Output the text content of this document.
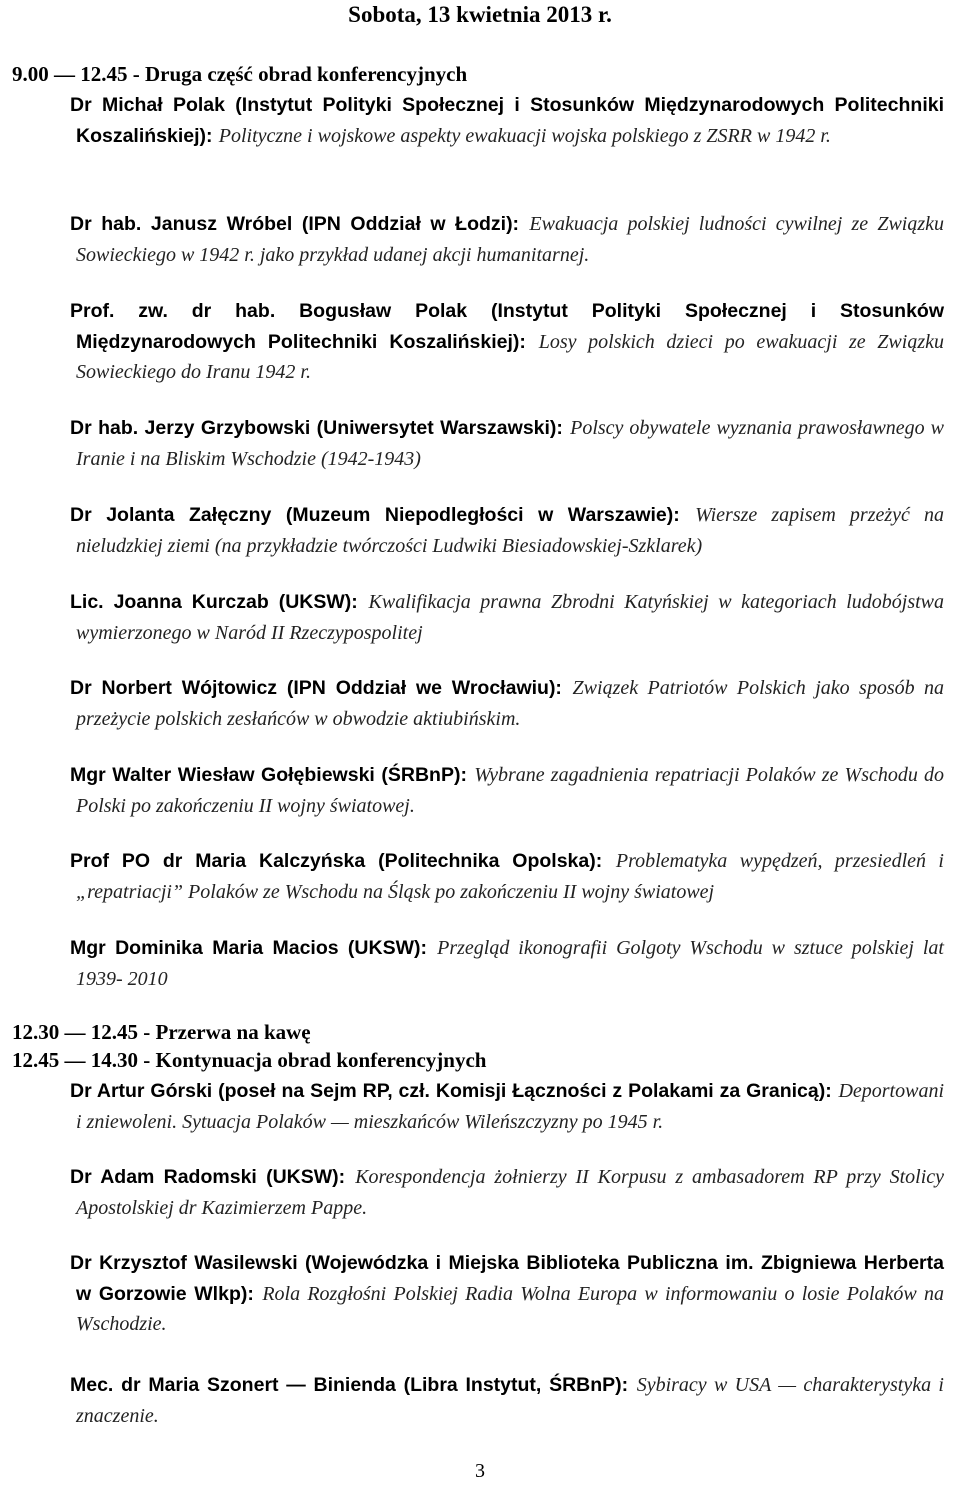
Sobota, 13 kwietnia 2013 r.
9.00 — 12.45 - Druga część obrad konferencyjnych
Dr Michał Polak (Instytut Polityki Społecznej i Stosunków Międzynarodowych Politechniki Koszalińskiej): Polityczne i wojskowe aspekty ewakuacji wojska polskiego z ZSRR w 1942 r.
Dr hab. Janusz Wróbel (IPN Oddział w Łodzi): Ewakuacja polskiej ludności cywilnej ze Związku Sowieckiego w 1942 r. jako przykład udanej akcji humanitarnej.
Prof. zw. dr hab. Bogusław Polak (Instytut Polityki Społecznej i Stosunków Międzynarodowych Politechniki Koszalińskiej): Losy polskich dzieci po ewakuacji ze Związku Sowieckiego do Iranu 1942 r.
Dr hab. Jerzy Grzybowski (Uniwersytet Warszawski): Polscy obywatele wyznania prawosławnego w Iranie i na Bliskim Wschodzie (1942-1943)
Dr Jolanta Załęczny (Muzeum Niepodległości w Warszawie): Wiersze zapisem przeżyć na nieludzkiej ziemi (na przykładzie twórczości Ludwiki Biesiadowskiej-Szklarek)
Lic. Joanna Kurczab (UKSW): Kwalifikacja prawna Zbrodni Katyńskiej w kategoriach ludobójstwa wymierzonego w Naród II Rzeczypospolitej
Dr Norbert Wójtowicz (IPN Oddział we Wrocławiu): Związek Patriotów Polskich jako sposób na przeżycie polskich zesłańców w obwodzie aktiubińskim.
Mgr Walter Wiesław Gołębiewski (ŚRBnP): Wybrane zagadnienia repatriacji Polaków ze Wschodu do Polski po zakończeniu II wojny światowej.
Prof PO dr Maria Kalczyńska (Politechnika Opolska): Problematyka wypędzeń, przesiedleń i „repatriacji” Polaków ze Wschodu na Śląsk po zakończeniu II wojny światowej
Mgr Dominika Maria Macios (UKSW): Przegląd ikonografii Golgoty Wschodu w sztuce polskiej lat 1939- 2010
12.30 — 12.45 - Przerwa na kawę
12.45 — 14.30 - Kontynuacja obrad konferencyjnych
Dr Artur Górski (poseł na Sejm RP, czł. Komisji Łączności z Polakami za Granicą): Deportowani i zniewoleni. Sytuacja Polaków — mieszkańców Wileńszczyzny po 1945 r.
Dr Adam Radomski (UKSW): Korespondencja żołnierzy II Korpusu z ambasadorem RP przy Stolicy Apostolskiej dr Kazimierzem Pappe.
Dr Krzysztof Wasilewski (Wojewódzka i Miejska Biblioteka Publiczna im. Zbigniewa Herberta w Gorzowie Wlkp): Rola Rozgłośni Polskiej Radia Wolna Europa w informowaniu o losie Polaków na Wschodzie.
Mec. dr Maria Szonert — Binienda (Libra Instytut, ŚRBnP): Sybiracy w USA — charakterystyka i znaczenie.
3
